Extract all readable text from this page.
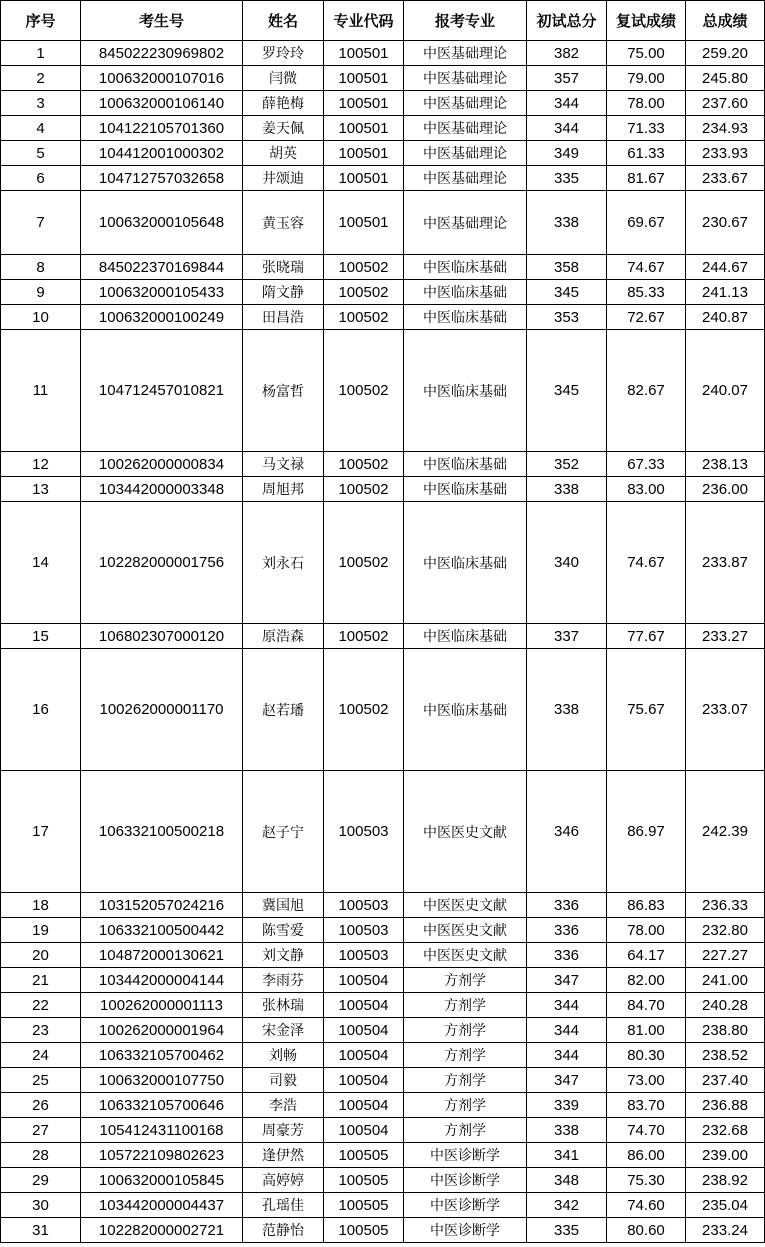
序号	考生号	姓名	专业代码	报考专业	初试总分	复试成绩	总成绩
1	845022230969802	罗玲玲	100501	中医基础理论	382	75.00	259.20
2	100632000107016	闫微	100501	中医基础理论	357	79.00	245.80
3	100632000106140	薛艳梅	100501	中医基础理论	344	78.00	237.60
4	104122105701360	姜天佩	100501	中医基础理论	344	71.33	234.93
5	104412001000302	胡英	100501	中医基础理论	349	61.33	233.93
6	104712757032658	井颂迪	100501	中医基础理论	335	81.67	233.67
7	100632000105648	黄玉容	100501	中医基础理论	338	69.67	230.67
8	845022370169844	张晓瑞	100502	中医临床基础	358	74.67	244.67
9	100632000105433	隋文静	100502	中医临床基础	345	85.33	241.13
10	100632000100249	田昌浩	100502	中医临床基础	353	72.67	240.87
11	104712457010821	杨富哲	100502	中医临床基础	345	82.67	240.07
12	100262000000834	马文禄	100502	中医临床基础	352	67.33	238.13
13	103442000003348	周旭邦	100502	中医临床基础	338	83.00	236.00
14	102282000001756	刘永石	100502	中医临床基础	340	74.67	233.87
15	106802307000120	原浩森	100502	中医临床基础	337	77.67	233.27
16	100262000001170	赵若璠	100502	中医临床基础	338	75.67	233.07
17	106332100500218	赵子宁	100503	中医医史文献	346	86.97	242.39
18	103152057024216	冀国旭	100503	中医医史文献	336	86.83	236.33
19	106332100500442	陈雪爱	100503	中医医史文献	336	78.00	232.80
20	104872000130621	刘文静	100503	中医医史文献	336	64.17	227.27
21	103442000004144	李雨芬	100504	方剂学	347	82.00	241.00
22	100262000001113	张林瑞	100504	方剂学	344	84.70	240.28
23	100262000001964	宋金泽	100504	方剂学	344	81.00	238.80
24	106332105700462	刘畅	100504	方剂学	344	80.30	238.52
25	100632000107750	司毅	100504	方剂学	347	73.00	237.40
26	106332105700646	李浩	100504	方剂学	339	83.70	236.88
27	105412431100168	周豪芳	100504	方剂学	338	74.70	232.68
28	105722109802623	逢伊然	100505	中医诊断学	341	86.00	239.00
29	100632000105845	高婷婷	100505	中医诊断学	348	75.30	238.92
30	103442000004437	孔瑶佳	100505	中医诊断学	342	74.60	235.04
31	102282000002721	范静怡	100505	中医诊断学	335	80.60	233.24
